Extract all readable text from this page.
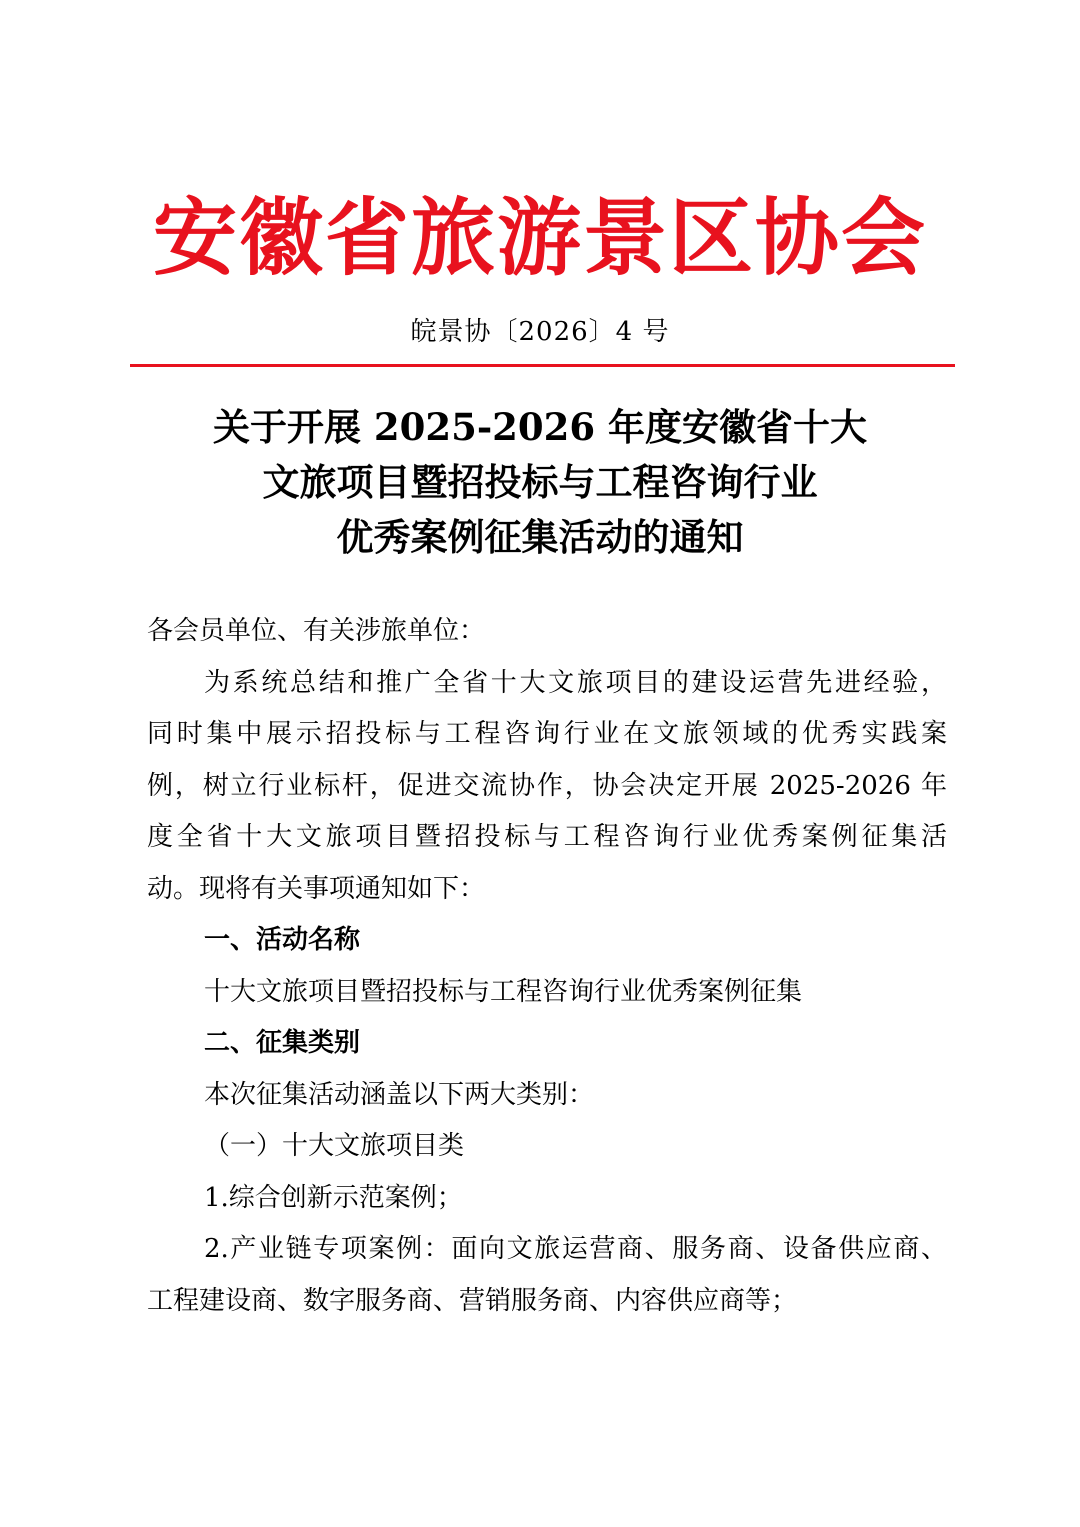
安徽省旅游景区协会
皖景协〔2026〕4 号
关于开展 2025-2026 年度安徽省十大
文旅项目暨招投标与工程咨询行业
优秀案例征集活动的通知

各会员单位、有关涉旅单位：

为系统总结和推广全省十大文旅项目的建设运营先进经验，

同时集中展示招投标与工程咨询行业在文旅领域的优秀实践案

例，树立行业标杆，促进交流协作，协会决定开展 2025-2026 年

度全省十大文旅项目暨招投标与工程咨询行业优秀案例征集活

动。现将有关事项通知如下：

一、活动名称

十大文旅项目暨招投标与工程咨询行业优秀案例征集

二、征集类别

本次征集活动涵盖以下两大类别：

（一）十大文旅项目类

1.综合创新示范案例；

2.产业链专项案例：面向文旅运营商、服务商、设备供应商、

工程建设商、数字服务商、营销服务商、内容供应商等；
